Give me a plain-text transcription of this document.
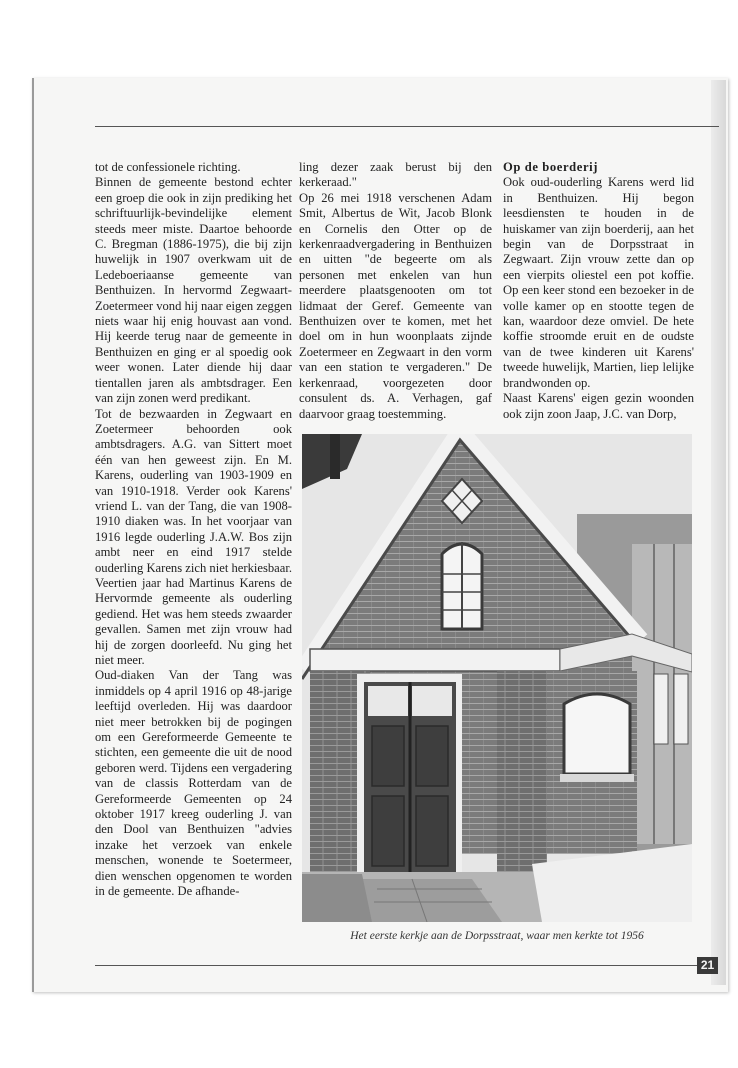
tot de confessionele richting.

Binnen de gemeente bestond echter een groep die ook in zijn prediking het schriftuurlijk-bevindelijke element steeds meer miste. Daartoe behoorde C. Bregman (1886-1975), die bij zijn huwelijk in 1907 overkwam uit de Ledeboeriaanse gemeente van Benthuizen. In hervormd Zegwaart-Zoetermeer vond hij naar eigen zeggen niets waar hij enig houvast aan vond. Hij keerde terug naar de gemeente in Benthuizen en ging er al spoedig ook weer wonen. Later diende hij daar tientallen jaren als ambtsdrager. Een van zijn zonen werd predikant.

Tot de bezwaarden in Zegwaart en Zoetermeer behoorden ook ambtsdragers. A.G. van Sittert moet één van hen geweest zijn. En M. Karens, ouderling van 1903-1909 en van 1910-1918. Verder ook Karens' vriend L. van der Tang, die van 1908-1910 diaken was. In het voorjaar van 1916 legde ouderling J.A.W. Bos zijn ambt neer en eind 1917 stelde ouderling Karens zich niet herkiesbaar. Veertien jaar had Martinus Karens de Hervormde gemeente als ouderling gediend. Het was hem steeds zwaarder gevallen. Samen met zijn vrouw had hij de zorgen doorleefd. Nu ging het niet meer.

Oud-diaken Van der Tang was inmiddels op 4 april 1916 op 48-jarige leeftijd overleden. Hij was daardoor niet meer betrokken bij de pogingen om een Gereformeerde Gemeente te stichten, een gemeente die uit de nood geboren werd. Tijdens een vergadering van de classis Rotterdam van de Gereformeerde Gemeenten op 24 oktober 1917 kreeg ouderling J. van den Dool van Benthuizen "advies inzake het verzoek van enkele menschen, wonende te Soetermeer, dien wenschen opgenomen te worden in de gemeente. De afhande-

ling dezer zaak berust bij den kerkeraad."

Op 26 mei 1918 verschenen Adam Smit, Albertus de Wit, Jacob Blonk en Cornelis den Otter op de kerkenraadvergadering in Benthuizen en uitten "de begeerte om als personen met enkelen van hun meerdere plaatsgenooten om tot lidmaat der Geref. Gemeente van Benthuizen over te komen, met het doel om in hun woonplaats zijnde Zoetermeer en Zegwaart in den vorm van een station te vergaderen." De kerkenraad, voorgezeten door consulent ds. A. Verhagen, gaf daarvoor graag toestemming.

Op de boerderij

Ook oud-ouderling Karens werd lid in Benthuizen. Hij begon leesdiensten te houden in de huiskamer van zijn boerderij, aan het begin van de Dorpsstraat in Zegwaart. Zijn vrouw zette dan op een vierpits oliestel een pot koffie. Op een keer stond een bezoeker in de volle kamer op en stootte tegen de kan, waardoor deze omviel. De hete koffie stroomde eruit en de oudste van de twee kinderen uit Karens' tweede huwelijk, Martien, liep lelijke brandwonden op.

Naast Karens' eigen gezin woonden ook zijn zoon Jaap, J.C. van Dorp,

Het eerste kerkje aan de Dorpsstraat, waar men kerkte tot 1956
21
